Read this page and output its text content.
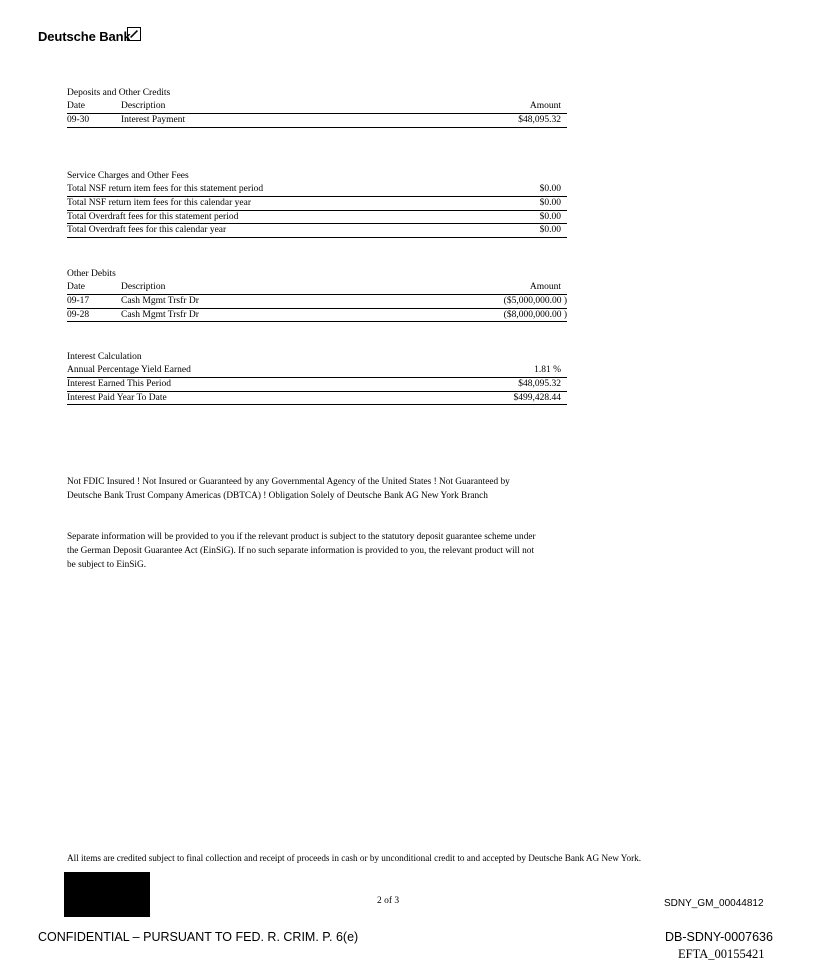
Deutsche Bank
Deposits and Other Credits
Date	Description	Amount
09-30	Interest Payment	$48,095.32
Service Charges and Other Fees
Total NSF return item fees for this statement period	$0.00
Total NSF return item fees for this calendar year	$0.00
Total Overdraft fees for this statement period	$0.00
Total Overdraft fees for this calendar year	$0.00
Other Debits
Date	Description	Amount
09-17	Cash Mgmt Trsfr Dr	($5,000,000.00 )
09-28	Cash Mgmt Trsfr Dr	($8,000,000.00 )
Interest Calculation
Annual Percentage Yield Earned	1.81 %
Interest Earned This Period	$48,095.32
Interest Paid Year To Date	$499,428.44
Not FDIC Insured ! Not Insured or Guaranteed by any Governmental Agency of the United States ! Not Guaranteed by Deutsche Bank Trust Company Americas (DBTCA) ! Obligation Solely of Deutsche Bank AG New York Branch
Separate information will be provided to you if the relevant product is subject to the statutory deposit guarantee scheme under the German Deposit Guarantee Act (EinSiG). If no such separate information is provided to you, the relevant product will not be subject to EinSiG.
All items are credited subject to final collection and receipt of proceeds in cash or by unconditional credit to and accepted by Deutsche Bank AG New York.
2 of 3	SDNY_GM_00044812
CONFIDENTIAL – PURSUANT TO FED. R. CRIM. P. 6(e)	DB-SDNY-0007636
EFTA_00155421
